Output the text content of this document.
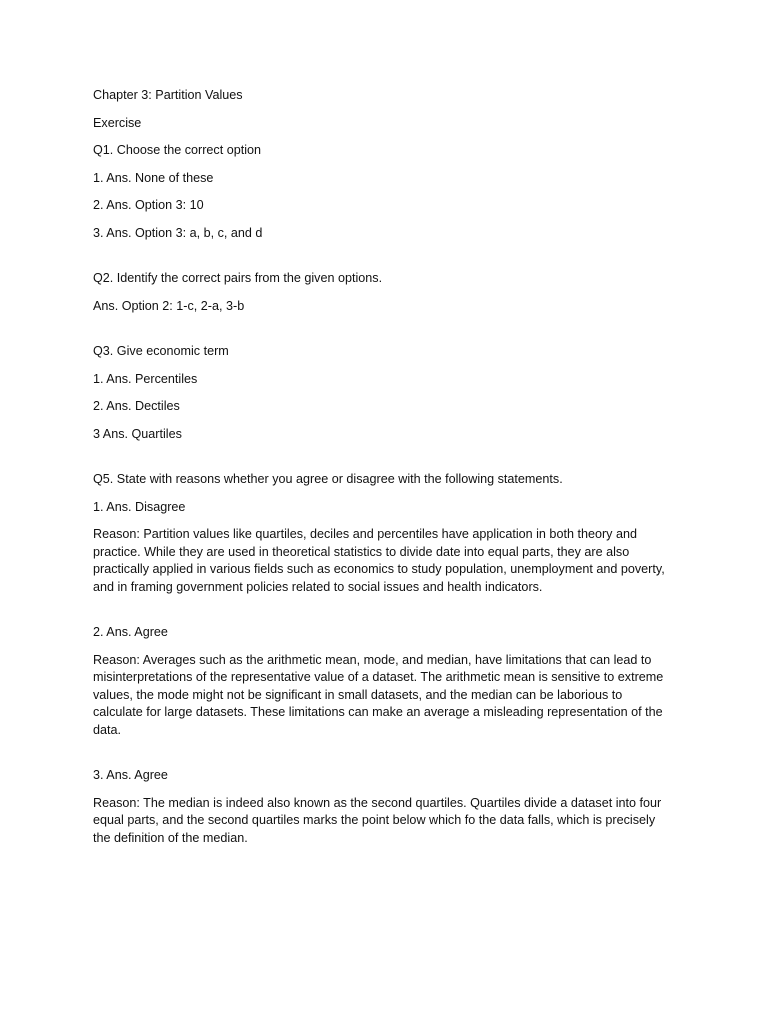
Chapter 3: Partition Values

Exercise

Q1. Choose the correct option

1. Ans. None of these

2. Ans. Option 3: 10

3. Ans. Option 3: a, b, c, and d

Q2. Identify the correct pairs from the given options.

Ans. Option 2: 1-c, 2-a, 3-b

Q3. Give economic term

1. Ans. Percentiles

2. Ans. Dectiles

3 Ans. Quartiles

Q5. State with reasons whether you agree or disagree with the following statements.

1. Ans. Disagree

Reason: Partition values like quartiles, deciles and percentiles have application in both theory and practice. While they are used in theoretical statistics to divide date into equal parts, they are also practically applied in various fields such as economics to study population, unemployment and poverty, and in framing government policies related to social issues and health indicators.

2. Ans. Agree

Reason: Averages such as the arithmetic mean, mode, and median, have limitations that can lead to misinterpretations of the representative value of a dataset. The arithmetic mean is sensitive to extreme values, the mode might not be significant in small datasets, and the median can be laborious to calculate for large datasets. These limitations can make an average a misleading representation of the data.

3. Ans. Agree

Reason: The median is indeed also known as the second quartiles. Quartiles divide a dataset into four equal parts, and the second quartiles marks the point below which fo the data falls, which is precisely the definition of the median.
